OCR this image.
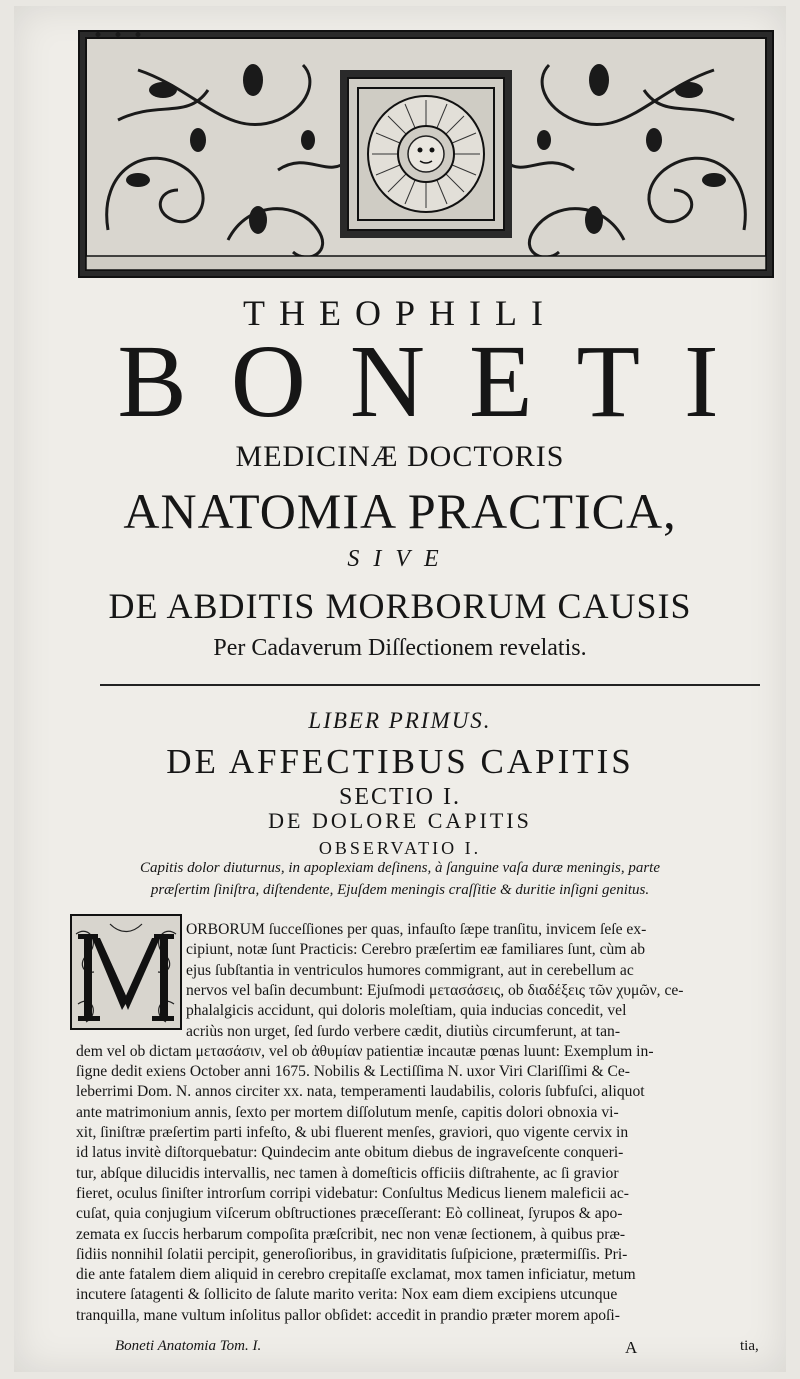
THEOPHILI
BONETI
MEDICINÆ DOCTORIS
ANATOMIA PRACTICA,
SIVE
DE ABDITIS MORBORUM CAUSIS
Per Cadaverum Diſſectionem revelatis.
LIBER PRIMUS.
DE AFFECTIBUS CAPITIS
SECTIO I.
DE DOLORE CAPITIS
OBSERVATIO I.
Capitis dolor diuturnus, in apoplexiam deſinens, à ſanguine vaſa duræ meningis, parte
præſertim ſiniſtra, diſtendente, Ejuſdem meningis craſſitie & duritie inſigni genitus.
ORBORUM ſucceſſiones per quas, infauſto ſæpe tranſitu, invicem ſeſe ex-
cipiunt, notæ ſunt Practicis: Cerebro præſertim eæ familiares ſunt, cùm ab
ejus ſubſtantia in ventriculos humores commigrant, aut in cerebellum ac
nervos vel baſin decumbunt: Ejuſmodi μετασάσεις, ob διαδέξεις τῶν χυμῶν, ce-
phalalgicis accidunt, qui doloris moleſtiam, quia inducias concedit, vel
acriùs non urget, ſed ſurdo verbere cædit, diutiùs circumferunt, at tan-
dem vel ob dictam μετασάσιν, vel ob ἀθυμίαν patientiæ incautæ pœnas luunt: Exemplum in-
ſigne dedit exiens October anni 1675. Nobilis & Lectiſſima N. uxor Viri Clariſſimi & Ce-
leberrimi Dom. N. annos circiter xx. nata, temperamenti laudabilis, coloris ſubfuſci, aliquot
ante matrimonium annis, ſexto per mortem diſſolutum menſe, capitis dolori obnoxia vi-
xit, ſiniſtræ præſertim parti infeſto, & ubi fluerent menſes, graviori, quo vigente cervix in
id latus invitè diſtorquebatur: Quindecim ante obitum diebus de ingraveſcente conqueri-
tur, abſque dilucidis intervallis, nec tamen à domeſticis officiis diſtrahente, ac ſi gravior
fieret, oculus ſiniſter introrſum corripi videbatur: Conſultus Medicus lienem maleficii ac-
cuſat, quia conjugium viſcerum obſtructiones præceſſerant: Eò collineat, ſyrupos & apo-
zemata ex ſuccis herbarum compoſita præſcribit, nec non venæ ſectionem, à quibus præ-
ſidiis nonnihil ſolatii percipit, generoſioribus, in graviditatis ſuſpicione, prætermiſſis. Pri-
die ante fatalem diem aliquid in cerebro crepitaſſe exclamat, mox tamen inficiatur, metum
incutere ſatagenti & ſollicito de ſalute marito verita: Nox eam diem excipiens utcunque
tranquilla, mane vultum inſolitus pallor obſidet: accedit in prandio præter morem apoſi-
Boneti Anatomia Tom. I.	A	tia,
